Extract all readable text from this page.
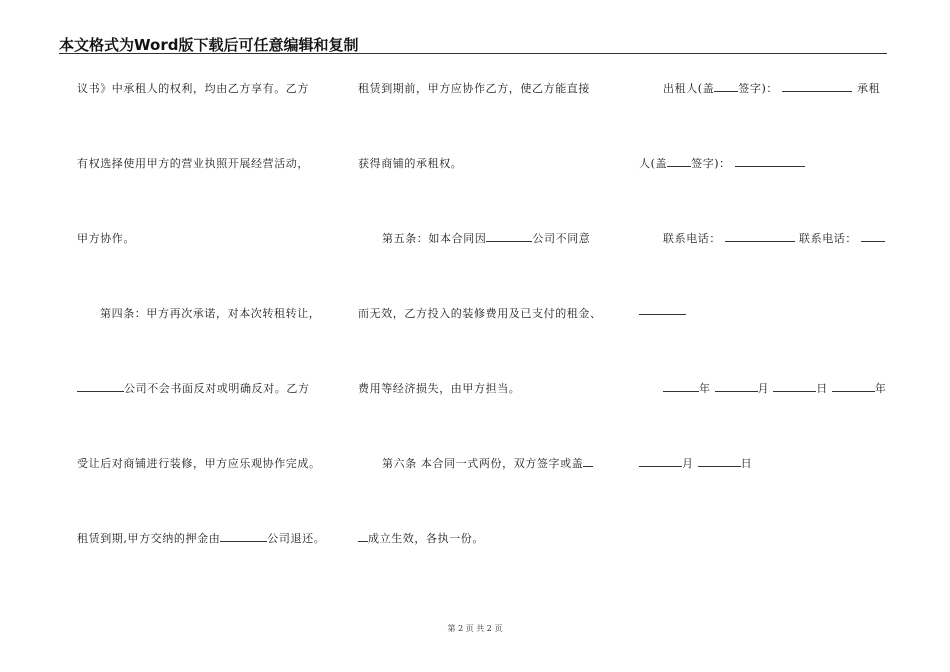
本文格式为Word版下载后可任意编辑和复制
议书》中承租人的权利，均由乙方享有。乙方
有权选择使用甲方的营业执照开展经营活动，
甲方协作。
第四条：甲方再次承诺，对本次转租转让，
公司不会书面反对或明确反对。乙方
受让后对商铺进行装修，甲方应乐观协作完成。
租赁到期,甲方交纳的押金由	公司退还。
租赁到期前，甲方应协作乙方，使乙方能直接
获得商铺的承租权。
第五条：如本合同因	公司不同意
而无效，乙方投入的装修费用及已支付的租金、
费用等经济损失，由甲方担当。
第六条 本合同一式两份，双方签字或盖
成立生效，各执一份。
出租人(盖 签字)：	承租
人(盖 签字)：
联系电话：	联系电话：
年	月	日	年
月	日
第 2 页 共 2 页
